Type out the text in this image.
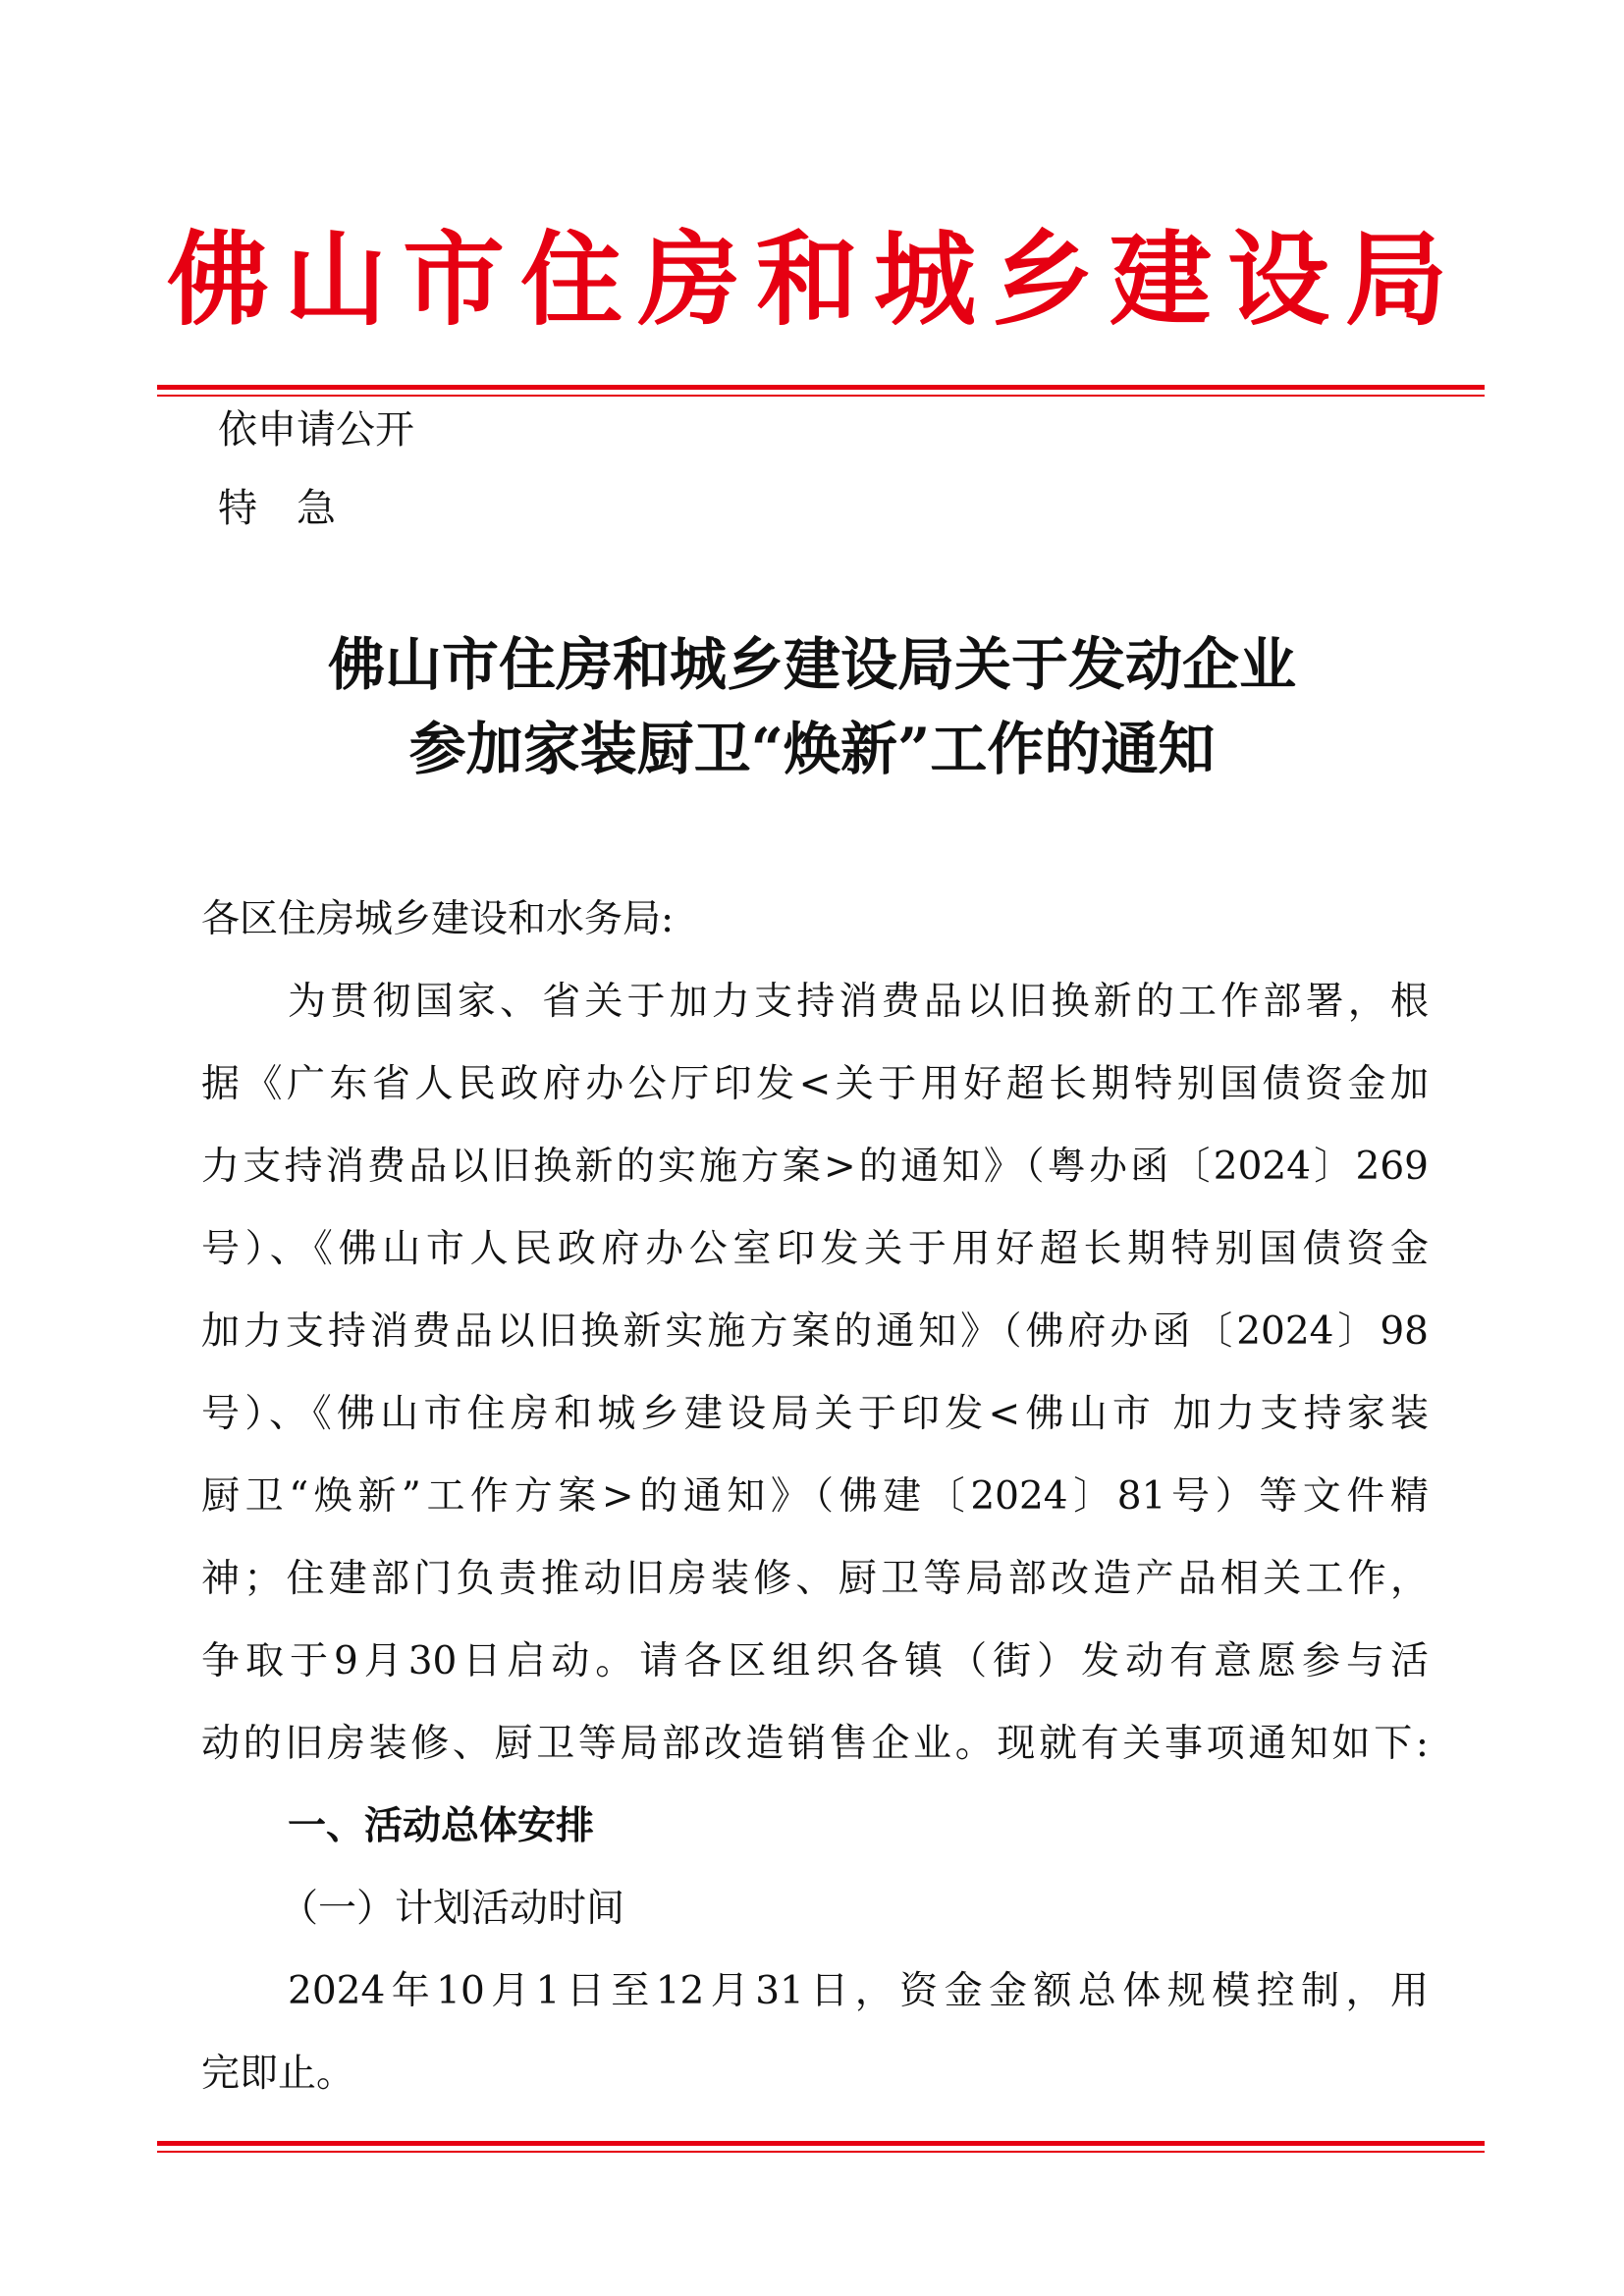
佛山市住房和城乡建设局
依申请公开
特　急
佛山市住房和城乡建设局关于发动企业
参加家装厨卫“焕新”工作的通知
各区住房城乡建设和水务局:
为贯彻国家、省关于加力支持消费品以旧换新的工作部署，根
据《广东省人民政府办公厅印发<关于用好超长期特别国债资金加
力支持消费品以旧换新的实施方案>的通知》（粤办函〔2024〕269
号）、《佛山市人民政府办公室印发关于用好超长期特别国债资金
加力支持消费品以旧换新实施方案的通知》（佛府办函〔2024〕98
号）、《佛山市住房和城乡建设局关于印发<佛山市 加力支持家装
厨卫“焕新”工作方案>的通知》（佛建〔2024〕81号）等文件精
神；住建部门负责推动旧房装修、厨卫等局部改造产品相关工作，
争取于9月30日启动。请各区组织各镇（街）发动有意愿参与活
动的旧房装修、厨卫等局部改造销售企业。现就有关事项通知如下:
一、活动总体安排
（一）计划活动时间
2024年10月1日至12月31日，资金金额总体规模控制，用
完即止。
